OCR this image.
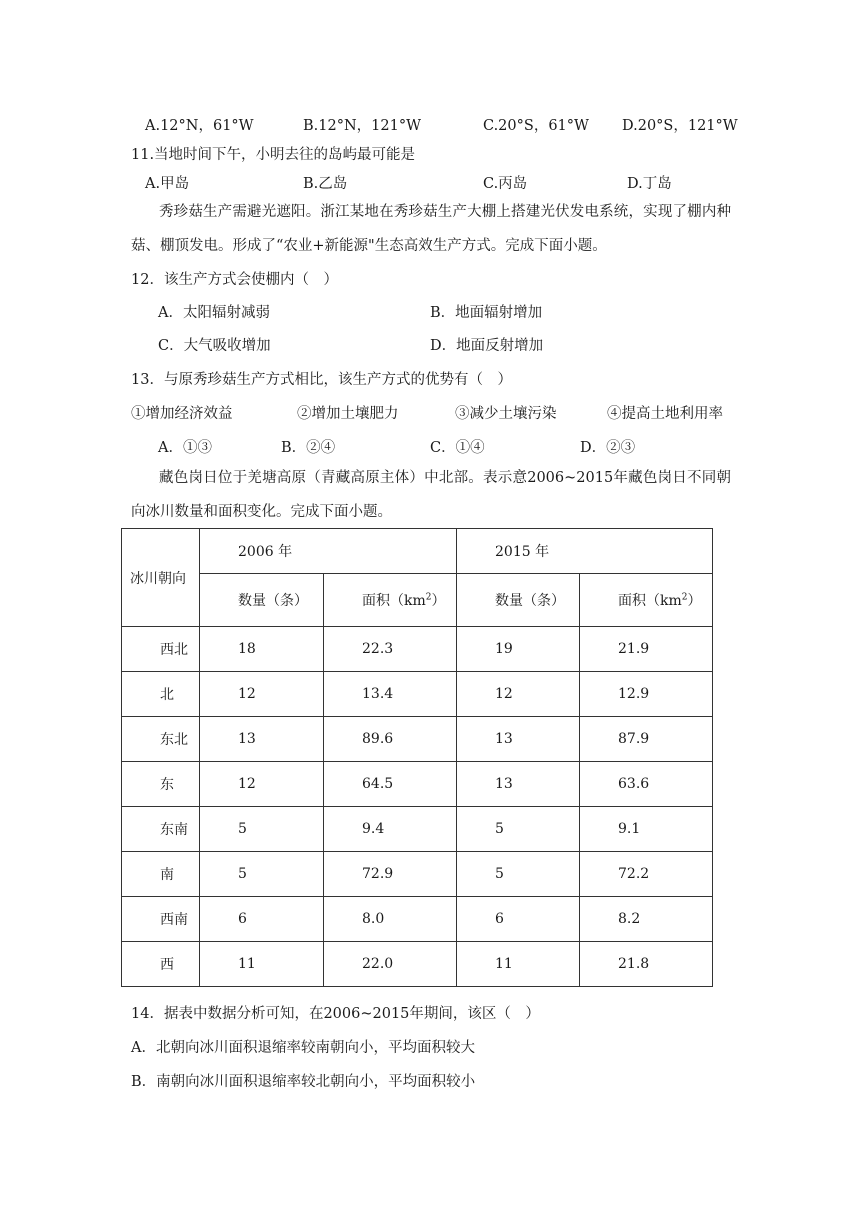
A.12°N，61°W	B.12°N，121°W	C.20°S，61°W D.20°S，121°W
11.当地时间下午，小明去往的岛屿最可能是
A.甲岛	B.乙岛	C.丙岛	D.丁岛
秀珍菇生产需避光遮阳。浙江某地在秀珍菇生产大棚上搭建光伏发电系统，实现了棚内种菇、棚顶发电。形成了“农业+新能源"生态高效生产方式。完成下面小题。
12．该生产方式会使棚内（　）
A．太阳辐射减弱	B．地面辐射增加
C．大气吸收增加	D．地面反射增加
13．与原秀珍菇生产方式相比，该生产方式的优势有（　）
①增加经济效益	②增加土壤肥力	③减少土壤污染	④提高土地利用率
A．①③	B．②④	C．①④	D．②③
藏色岗日位于羌塘高原（青藏高原主体）中北部。表示意2006~2015年藏色岗日不同朝向冰川数量和面积变化。完成下面小题。
冰川朝向	2006 年		2015 年	
	数量（条）	面积$(km^2)$	数量（条）	面积$(km^2)$
西北	18	22.3	19	21.9
北	12	13.4	12	12.9
东北	13	89.6	13	87.9
东	12	64.5	13	63.6
东南	5	9.4	5	9.1
南	5	72.9	5	72.2
西南	6	8.0	6	8.2
西	11	22.0	11	21.8
14．据表中数据分析可知，在2006~2015年期间，该区（　）
A．北朝向冰川面积退缩率较南朝向小，平均面积较大
B．南朝向冰川面积退缩率较北朝向小，平均面积较小
